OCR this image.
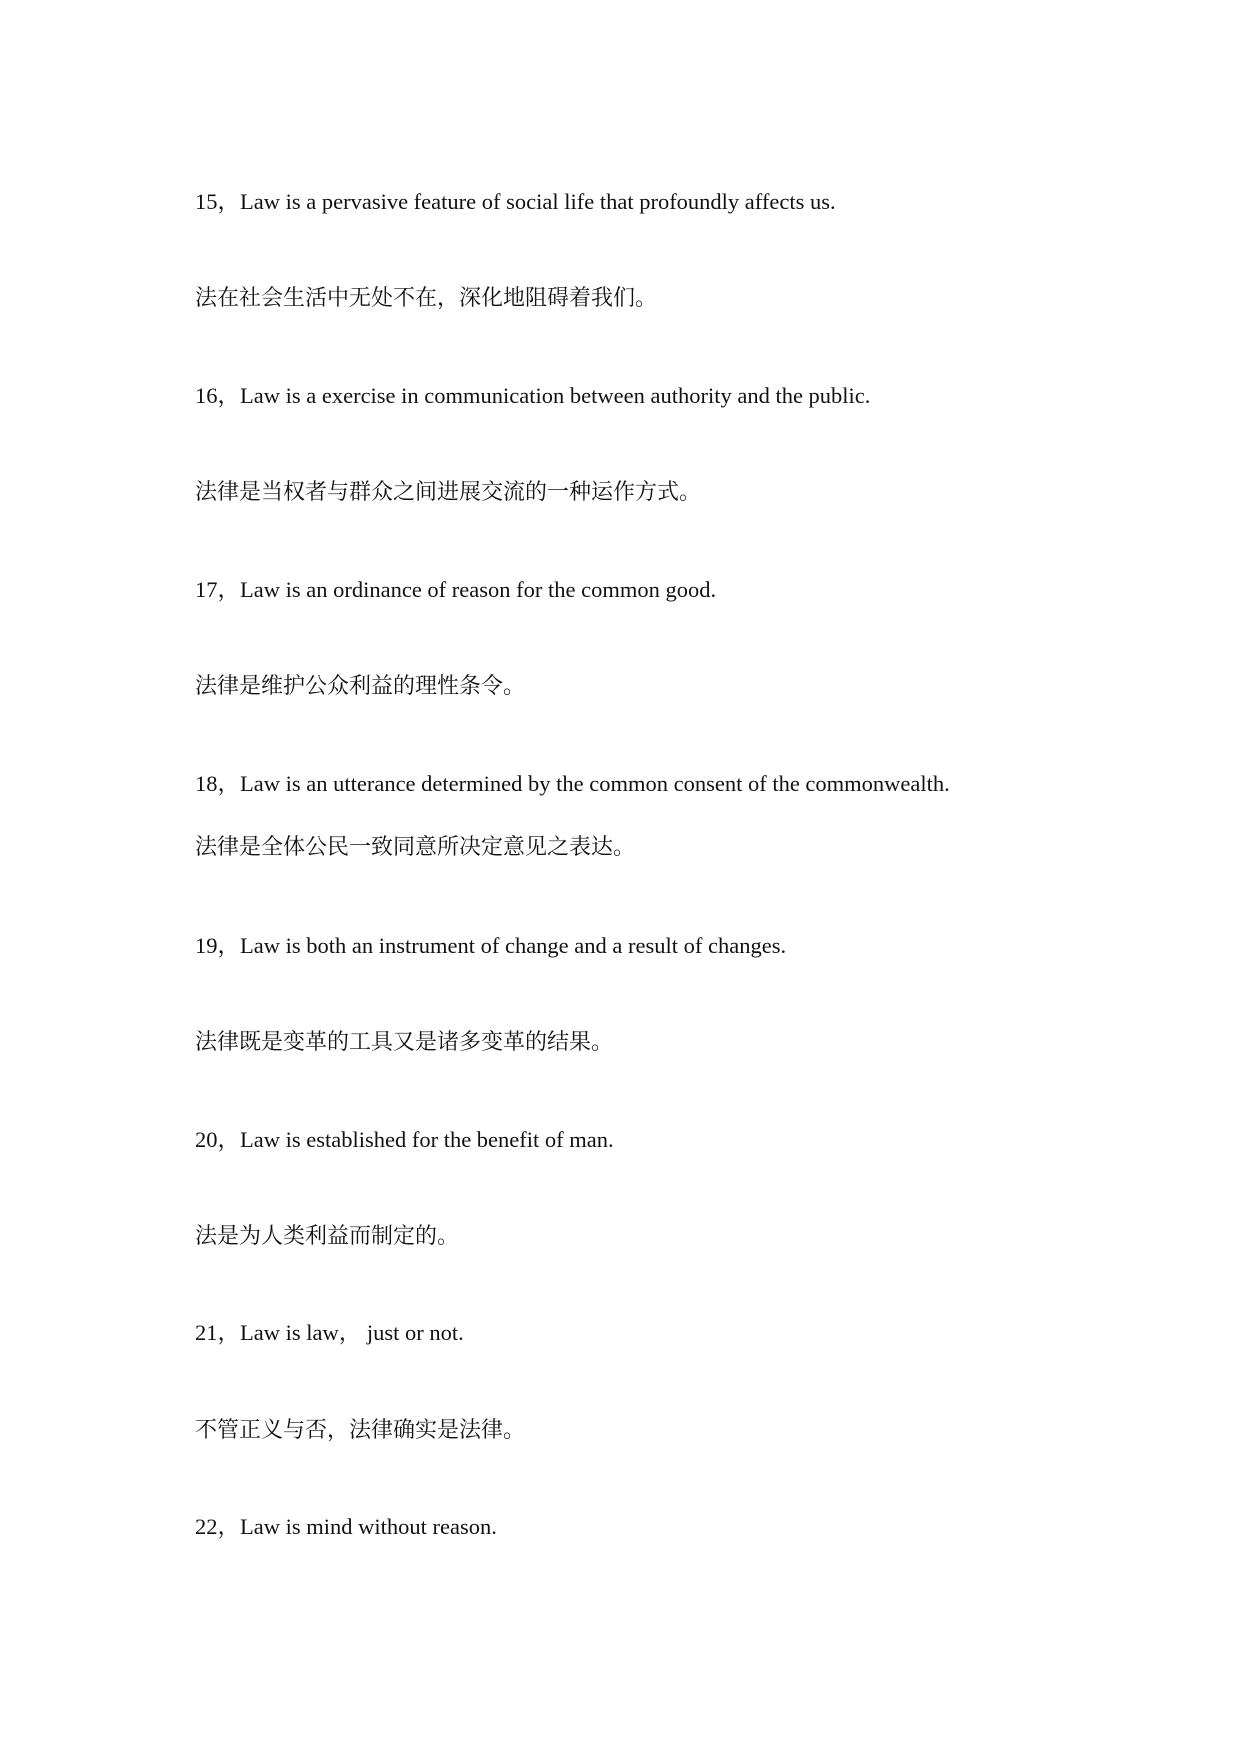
15，Law is a pervasive feature of social life that profoundly affects us.
法在社会生活中无处不在，深化地阻碍着我们。
16，Law is a exercise in communication between authority and the public.
法律是当权者与群众之间进展交流的一种运作方式。
17，Law is an ordinance of reason for the common good.
法律是维护公众利益的理性条令。
18，Law is an utterance determined by the common consent of the commonwealth.
法律是全体公民一致同意所决定意见之表达。
19，Law is both an instrument of change and a result of changes.
法律既是变革的工具又是诸多变革的结果。
20，Law is established for the benefit of man.
法是为人类利益而制定的。
21，Law is law， just or not.
不管正义与否，法律确实是法律。
22，Law is mind without reason.
